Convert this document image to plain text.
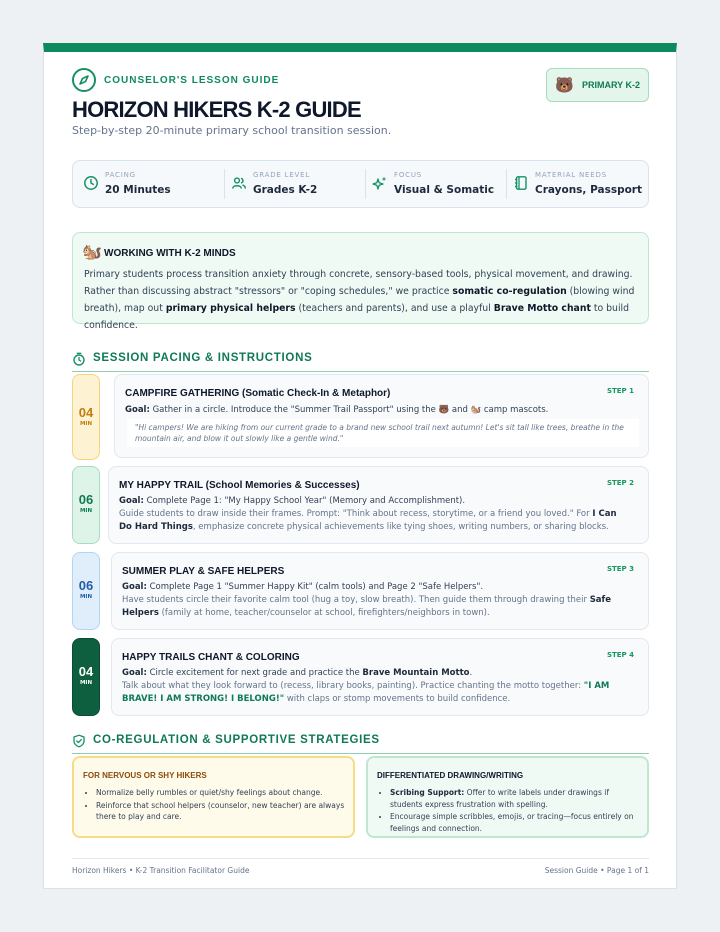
COUNSELOR'S LESSON GUIDE
HORIZON HIKERS K-2 GUIDE
Step-by-step 20-minute primary school transition session.
🐻 PRIMARY K-2
PACING
20 Minutes
GRADE LEVEL
Grades K-2
FOCUS
Visual & Somatic
MATERIAL NEEDS
Crayons, Passport
🐿️ WORKING WITH K-2 MINDS
Primary students process transition anxiety through concrete, sensory-based tools, physical movement, and drawing. Rather than discussing abstract "stressors" or "coping schedules," we practice somatic co-regulation (blowing wind breath), map out primary physical helpers (teachers and parents), and use a playful Brave Motto chant to build confidence.
SESSION PACING & INSTRUCTIONS
04
MIN
CAMPFIRE GATHERING (Somatic Check-In & Metaphor)	STEP 1
Goal: Gather in a circle. Introduce the "Summer Trail Passport" using the 🐻 and 🐿️ camp mascots.
"Hi campers! We are hiking from our current grade to a brand new school trail next autumn! Let's sit tall like trees, breathe in the mountain air, and blow it out slowly like a gentle wind."
06
MIN
MY HAPPY TRAIL (School Memories & Successes)	STEP 2
Goal: Complete Page 1: "My Happy School Year" (Memory and Accomplishment).
Guide students to draw inside their frames. Prompt: "Think about recess, storytime, or a friend you loved." For I Can Do Hard Things, emphasize concrete physical achievements like tying shoes, writing numbers, or sharing blocks.
06
MIN
SUMMER PLAY & SAFE HELPERS	STEP 3
Goal: Complete Page 1 "Summer Happy Kit" (calm tools) and Page 2 "Safe Helpers".
Have students circle their favorite calm tool (hug a toy, slow breath). Then guide them through drawing their Safe Helpers (family at home, teacher/counselor at school, firefighters/neighbors in town).
04
MIN
HAPPY TRAILS CHANT & COLORING	STEP 4
Goal: Circle excitement for next grade and practice the Brave Mountain Motto.
Talk about what they look forward to (recess, library books, painting). Practice chanting the motto together: "I AM BRAVE! I AM STRONG! I BELONG!" with claps or stomp movements to build confidence.
CO-REGULATION & SUPPORTIVE STRATEGIES
FOR NERVOUS OR SHY HIKERS
• Normalize belly rumbles or quiet/shy feelings about change.
• Reinforce that school helpers (counselor, new teacher) are always there to play and care.
DIFFERENTIATED DRAWING/WRITING
• Scribing Support: Offer to write labels under drawings if students express frustration with spelling.
• Encourage simple scribbles, emojis, or tracing—focus entirely on feelings and connection.
Horizon Hikers • K-2 Transition Facilitator Guide	Session Guide • Page 1 of 1
